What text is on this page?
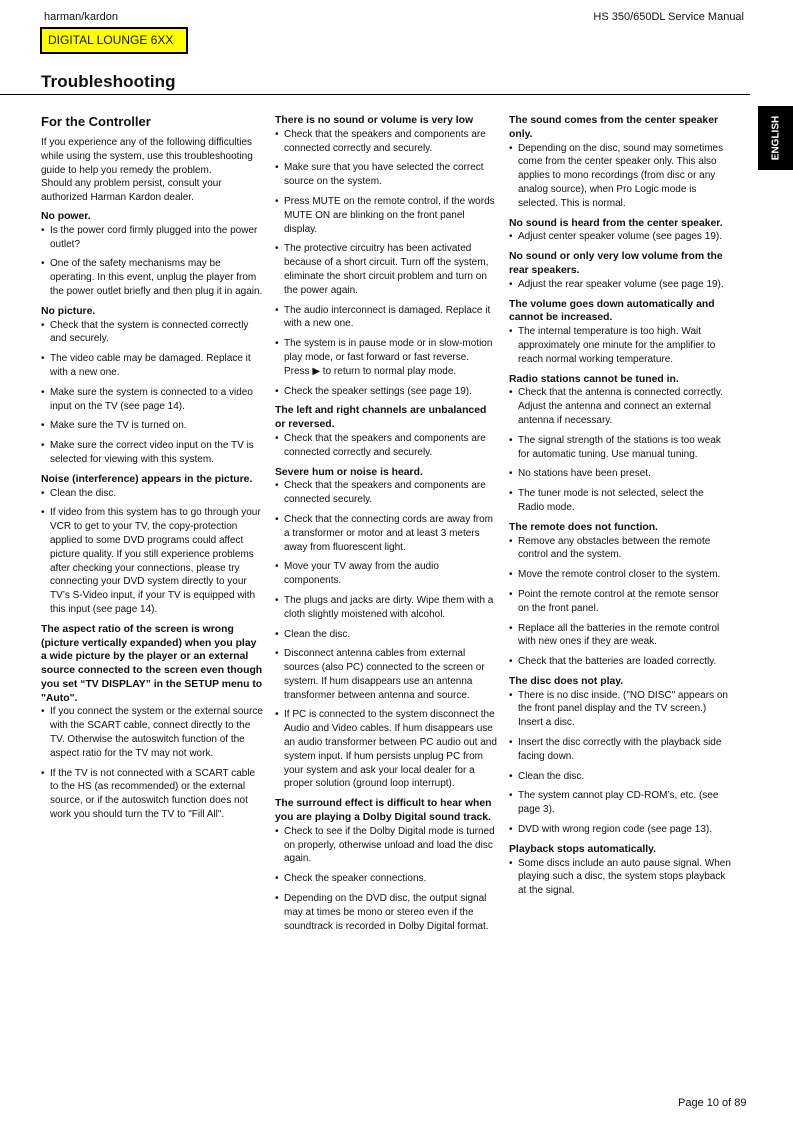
harman/kardon	HS 350/650DL Service Manual
DIGITAL LOUNGE 6XX
Troubleshooting
ENGLISH
For the Controller

If you experience any of the following difficulties while using the system, use this troubleshooting guide to help you remedy the problem.

Should any problem persist, consult your authorized Harman Kardon dealer.

No power.
• Is the power cord firmly plugged into the power outlet?
• One of the safety mechanisms may be operating. In this event, unplug the player from the power outlet briefly and then plug it in again.
No picture.
• Check that the system is connected correctly and securely.
• The video cable may be damaged. Replace it with a new one.
• Make sure the system is connected to a video input on the TV (see page 14).
• Make sure the TV is turned on.
• Make sure the correct video input on the TV is selected for viewing with this system.
Noise (interference) appears in the picture.
• Clean the disc.
• If video from this system has to go through your VCR to get to your TV, the copy-protection applied to some DVD programs could affect picture quality. If you still experience problems after checking your connections, please try connecting your DVD system directly to your TV’s S-Video input, if your TV is equipped with this input (see page 14).
The aspect ratio of the screen is wrong (picture vertically expanded) when you play a wide picture by the player or an external source connected to the screen even though you set “TV DISPLAY” in the SETUP menu to "Auto".
• If you connect the system or the external source with the SCART cable, connect directly to the TV. Otherwise the autoswitch function of the aspect ratio for the TV may not work.
• If the TV is not connected with a SCART cable to the HS (as recommended) or the external source, or if the autoswitch function does not work you should turn the TV to "Fill All".
There is no sound or volume is very low
• Check that the speakers and components are connected correctly and securely.
• Make sure that you have selected the correct source on the system.
• Press MUTE on the remote control, if the words MUTE ON are blinking on the front panel display.
• The protective circuitry has been activated because of a short circuit. Turn off the system, eliminate the short circuit problem and turn on the power again.
• The audio interconnect is damaged. Replace it with a new one.
• The system is in pause mode or in slow-motion play mode, or fast forward or fast reverse. Press ▶ to return to normal play mode.
• Check the speaker settings (see page 19).
The left and right channels are unbalanced or reversed.
• Check that the speakers and components are connected correctly and securely.
Severe hum or noise is heard.
• Check that the speakers and components are connected securely.
• Check that the connecting cords are away from a transformer or motor and at least 3 meters away from fluorescent light.
• Move your TV away from the audio components.
• The plugs and jacks are dirty. Wipe them with a cloth slightly moistened with alcohol.
• Clean the disc.
• Disconnect antenna cables from external sources (also PC) connected to the screen or system. If hum disappears use an antenna transformer between antenna and source.
• If PC is connected to the system disconnect the Audio and Video cables. If hum disappears use an audio transformer between PC audio out and system input. If hum persists unplug PC from your system and ask your local dealer for a proper solution (ground loop interrupt).
The surround effect is difficult to hear when you are playing a Dolby Digital sound track.
• Check to see if the Dolby Digital mode is turned on properly, otherwise unload and load the disc again.
• Check the speaker connections.
• Depending on the DVD disc, the output signal may at times be mono or stereo even if the soundtrack is recorded in Dolby Digital format.
The sound comes from the center speaker only.
• Depending on the disc, sound may sometimes come from the center speaker only. This also applies to mono recordings (from disc or any analog source), when Pro Logic mode is selected. This is normal.
No sound is heard from the center speaker.
• Adjust center speaker volume (see pages 19).
No sound or only very low volume from the rear speakers.
• Adjust the rear speaker volume (see page 19).
The volume goes down automatically and cannot be increased.
• The internal temperature is too high. Wait approximately one minute for the amplifier to reach normal working temperature.
Radio stations cannot be tuned in.
• Check that the antenna is connected correctly. Adjust the antenna and connect an external antenna if necessary.
• The signal strength of the stations is too weak for automatic tuning. Use manual tuning.
• No stations have been preset.
• The tuner mode is not selected, select the Radio mode.
The remote does not function.
• Remove any obstacles between the remote control and the system.
• Move the remote control closer to the system.
• Point the remote control at the remote sensor on the front panel.
• Replace all the batteries in the remote control with new ones if they are weak.
• Check that the batteries are loaded correctly.
The disc does not play.
• There is no disc inside. ("NO DISC" appears on the front panel display and the TV screen.) Insert a disc.
• Insert the disc correctly with the playback side facing down.
• Clean the disc.
• The system cannot play CD-ROM’s, etc. (see page 3).
• DVD with wrong region code (see page 13).
Playback stops automatically.
• Some discs include an auto pause signal. When playing such a disc, the system stops playback at the signal.
Page 10 of 89
